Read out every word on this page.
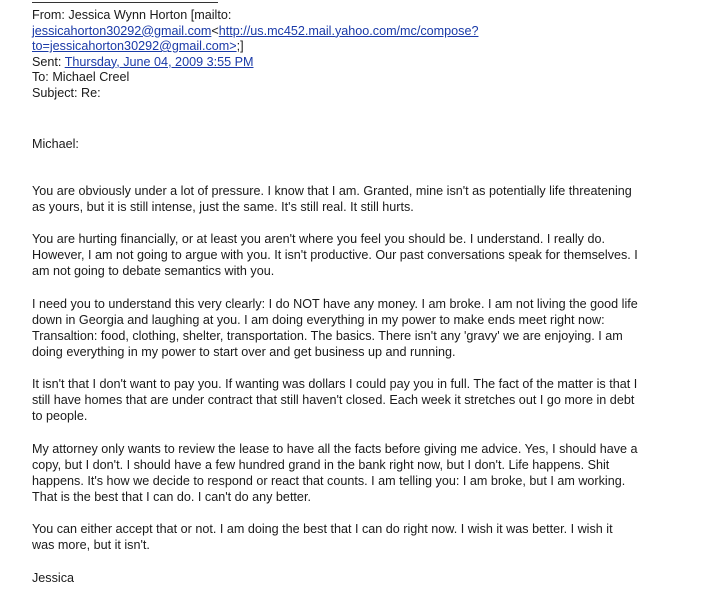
From: Jessica Wynn Horton [mailto:
jessicahorton30292@gmail.com<http://us.mc452.mail.yahoo.com/mc/compose?
to=jessicahorton30292@gmail.com>;]
Sent: Thursday, June 04, 2009 3:55 PM
To: Michael Creel
Subject: Re:
Michael:
You are obviously under a lot of pressure. I know that I am. Granted, mine isn't as potentially life threatening
as yours, but it is still intense, just the same. It's still real. It still hurts.
You are hurting financially, or at least you aren't where you feel you should be. I understand. I really do.
However, I am not going to argue with you. It isn't productive. Our past conversations speak for themselves. I
am not going to debate semantics with you.
I need you to understand this very clearly: I do NOT have any money. I am broke. I am not living the good life
down in Georgia and laughing at you. I am doing everything in my power to make ends meet right now:
Transaltion: food, clothing, shelter, transportation. The basics. There isn't any 'gravy' we are enjoying. I am
doing everything in my power to start over and get business up and running.
It isn't that I don't want to pay you. If wanting was dollars I could pay you in full. The fact of the matter is that I
still have homes that are under contract that still haven't closed. Each week it stretches out I go more in debt
to people.
My attorney only wants to review the lease to have all the facts before giving me advice. Yes, I should have a
copy, but I don't. I should have a few hundred grand in the bank right now, but I don't. Life happens. Shit
happens. It's how we decide to respond or react that counts. I am telling you: I am broke, but I am working.
That is the best that I can do. I can't do any better.
You can either accept that or not. I am doing the best that I can do right now. I wish it was better. I wish it
was more, but it isn't.
Jessica
